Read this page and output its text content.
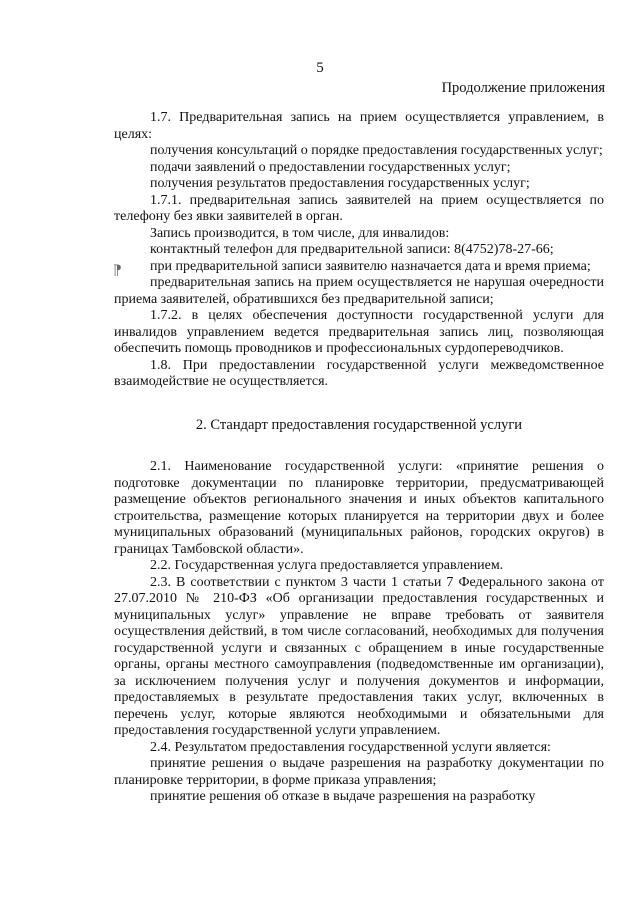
5
Продолжение приложения
⁋

1.7. Предварительная запись на прием осуществляется управлением, в целях:

получения консультаций о порядке предоставления государственных услуг;

подачи заявлений о предоставлении государственных услуг;

получения результатов предоставления государственных услуг;

1.7.1. предварительная запись заявителей на прием осуществляется по телефону без явки заявителей в орган.

Запись производится, в том числе, для инвалидов:

контактный телефон для предварительной записи: 8(4752)78-27-66;

при предварительной записи заявителю назначается дата и время приема;

предварительная запись на прием осуществляется не нарушая очередности приема заявителей, обратившихся без предварительной записи;

1.7.2. в целях обеспечения доступности государственной услуги для инвалидов управлением ведется предварительная запись лиц, позволяющая обеспечить помощь проводников и профессиональных сурдопереводчиков.

1.8. При предоставлении государственной услуги межведомственное взаимодействие не осуществляется.

2. Стандарт предоставления государственной услуги

2.1. Наименование государственной услуги: «принятие решения о подготовке документации по планировке территории, предусматривающей размещение объектов регионального значения и иных объектов капитального строительства, размещение которых планируется на территории двух и более муниципальных образований (муниципальных районов, городских округов) в границах Тамбовской области».

2.2. Государственная услуга предоставляется управлением.

2.3. В соответствии с пунктом 3 части 1 статьи 7 Федерального закона от 27.07.2010 № 210-ФЗ «Об организации предоставления государственных и муниципальных услуг» управление не вправе требовать от заявителя осуществления действий, в том числе согласований, необходимых для получения государственной услуги и связанных с обращением в иные государственные органы, органы местного самоуправления (подведомственные им организации), за исключением получения услуг и получения документов и информации, предоставляемых в результате предоставления таких услуг, включенных в перечень услуг, которые являются необходимыми и обязательными для предоставления государственной услуги управлением.

2.4. Результатом предоставления государственной услуги является:

принятие решения о выдаче разрешения на разработку документации по планировке территории, в форме приказа управления;

принятие решения об отказе в выдаче разрешения на разработку
